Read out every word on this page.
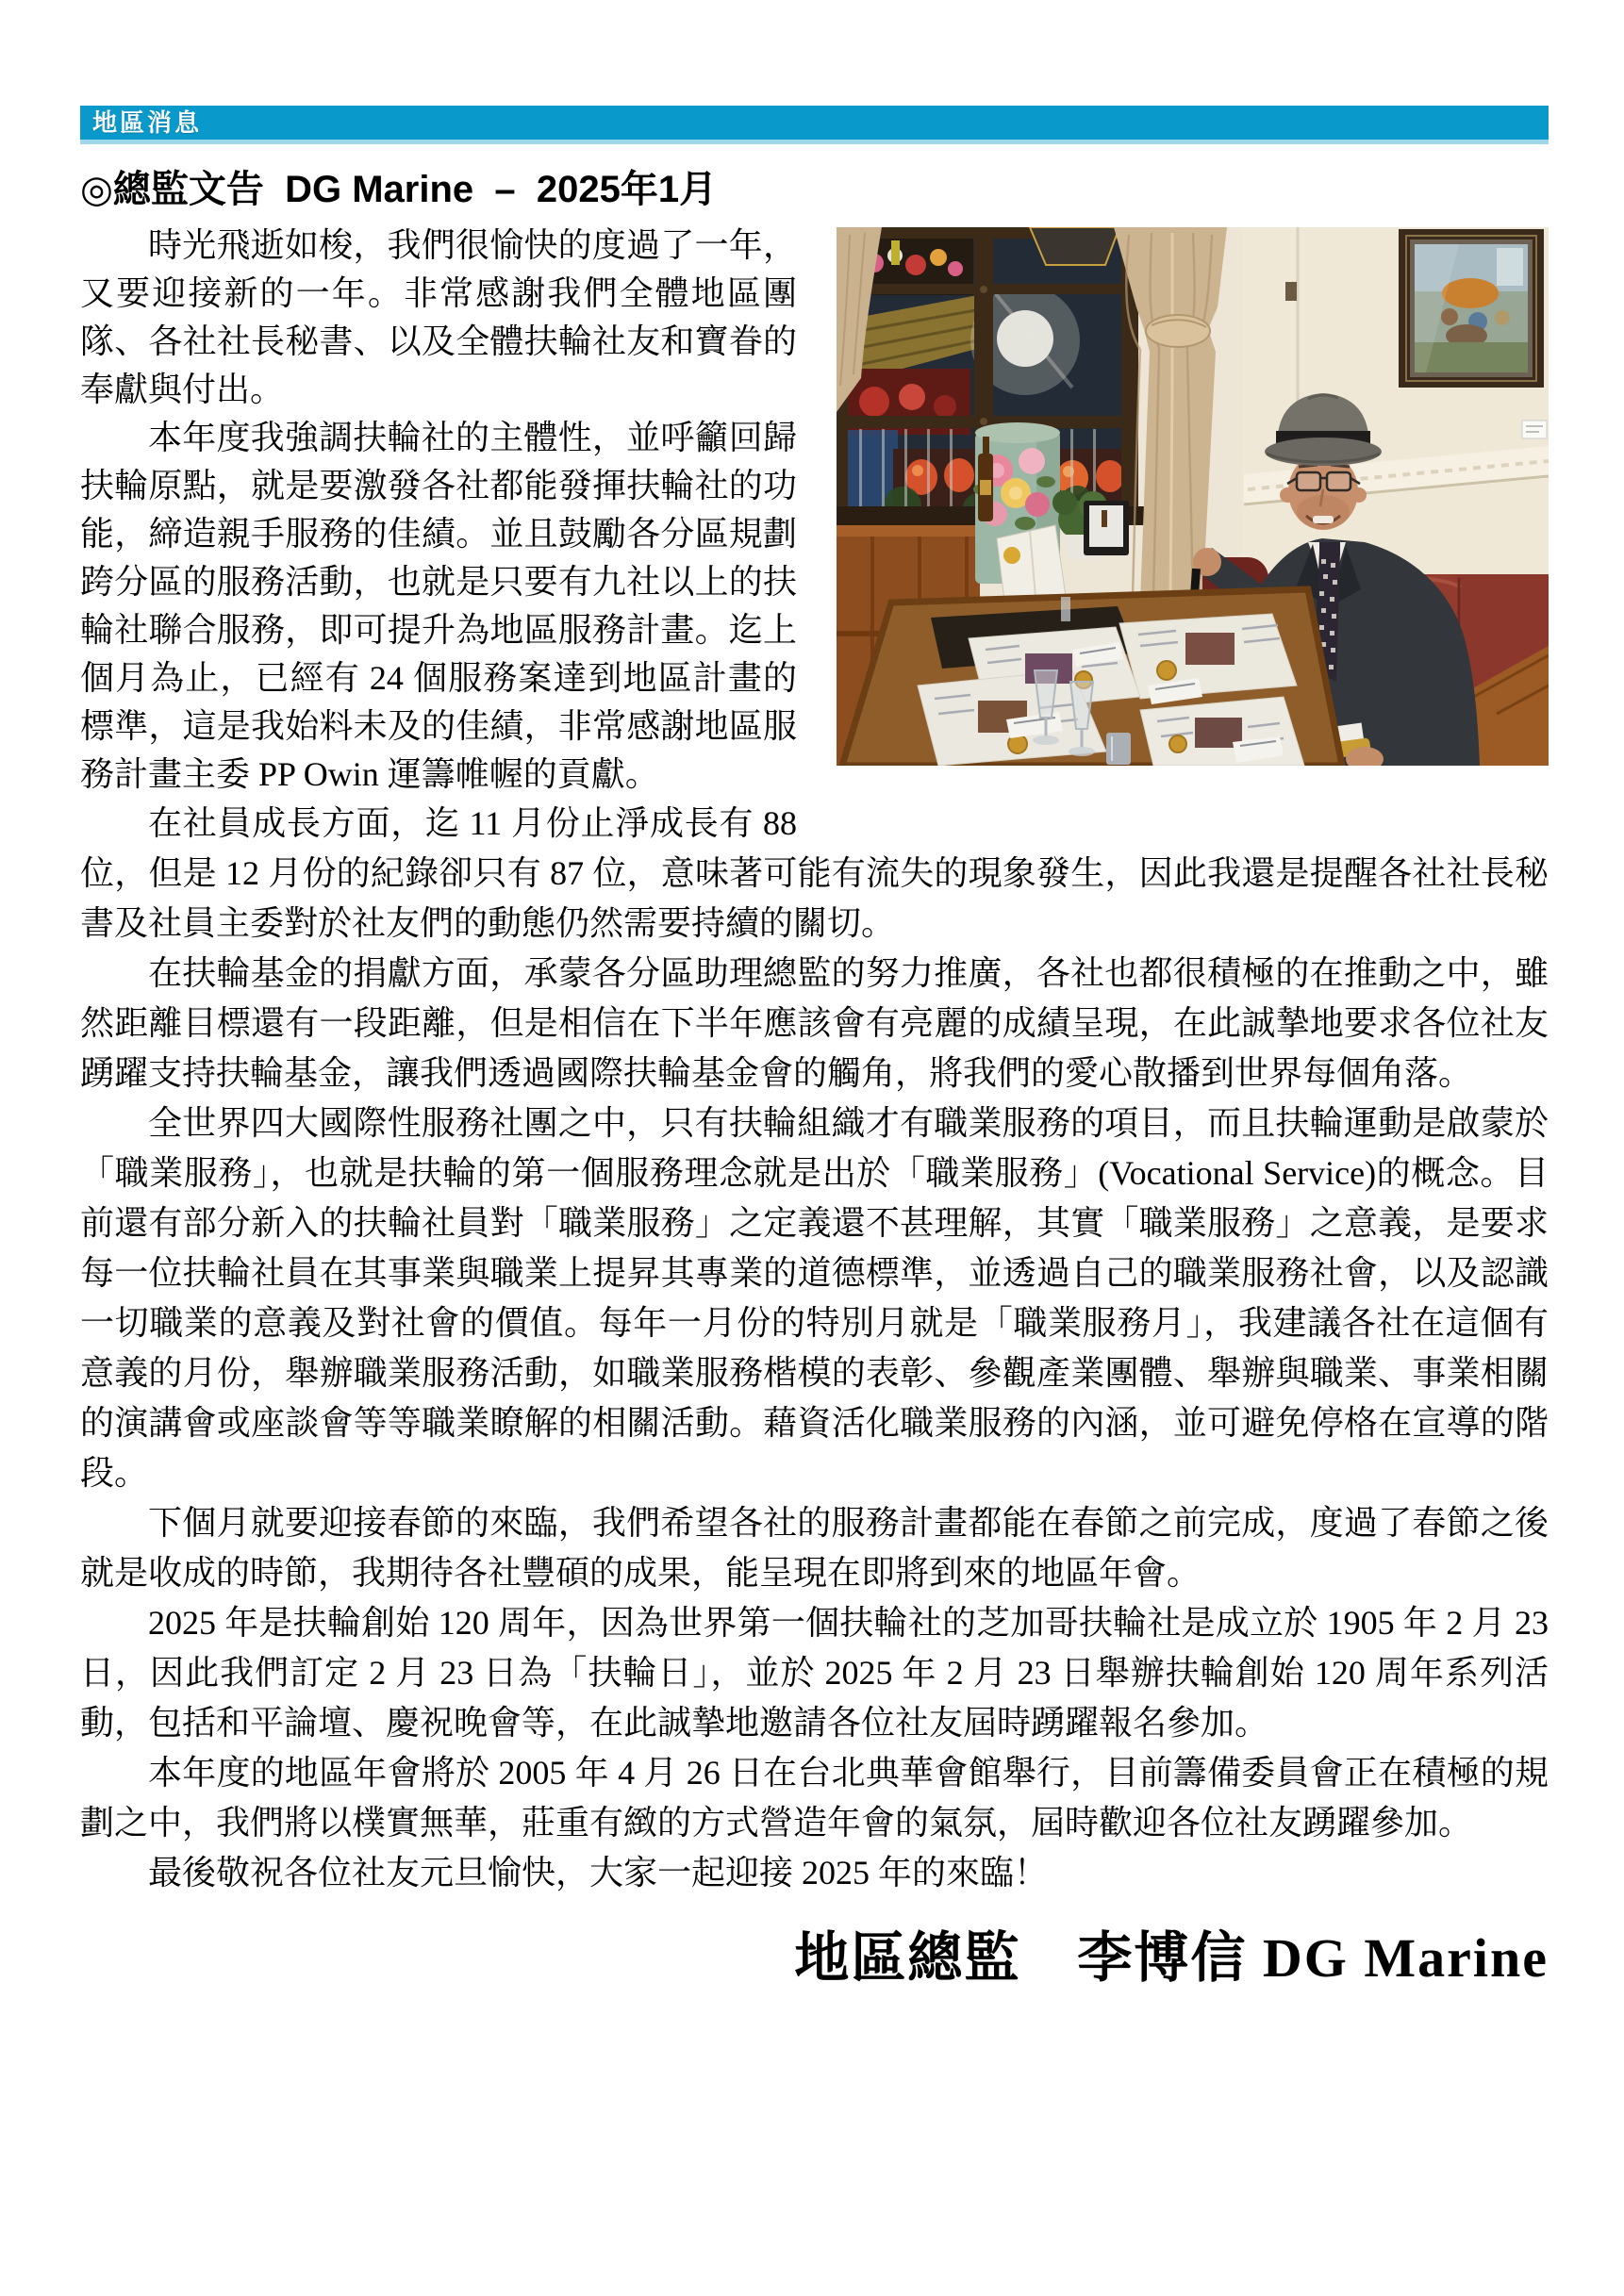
地區消息
◎總監文告  DG Marine  –  2025年1月

時光飛逝如梭，我們很愉快的度過了一年，又要迎接新的一年。非常感謝我們全體地區團隊、各社社長秘書、以及全體扶輪社友和寶眷的奉獻與付出。

本年度我強調扶輪社的主體性，並呼籲回歸扶輪原點，就是要激發各社都能發揮扶輪社的功能，締造親手服務的佳績。並且鼓勵各分區規劃跨分區的服務活動，也就是只要有九社以上的扶輪社聯合服務，即可提升為地區服務計畫。迄上個月為止，已經有 24 個服務案達到地區計畫的標準，這是我始料未及的佳績，非常感謝地區服務計畫主委 PP Owin 運籌帷幄的貢獻。

在社員成長方面，迄 11 月份止淨成長有 88 位，但是 12 月份的紀錄卻只有 87 位，意味著可能有流失的現象發生，因此我還是提醒各社社長秘書及社員主委對於社友們的動態仍然需要持續的關切。

在扶輪基金的捐獻方面，承蒙各分區助理總監的努力推廣，各社也都很積極的在推動之中，雖然距離目標還有一段距離，但是相信在下半年應該會有亮麗的成績呈現，在此誠摯地要求各位社友踴躍支持扶輪基金，讓我們透過國際扶輪基金會的觸角，將我們的愛心散播到世界每個角落。

全世界四大國際性服務社團之中，只有扶輪組織才有職業服務的項目，而且扶輪運動是啟蒙於「職業服務」，也就是扶輪的第一個服務理念就是出於「職業服務」(Vocational Service)的概念。目前還有部分新入的扶輪社員對「職業服務」之定義還不甚理解，其實「職業服務」之意義，是要求每一位扶輪社員在其事業與職業上提昇其專業的道德標準，並透過自己的職業服務社會，以及認識一切職業的意義及對社會的價值。每年一月份的特別月就是「職業服務月」，我建議各社在這個有意義的月份，舉辦職業服務活動，如職業服務楷模的表彰、參觀產業團體、舉辦與職業、事業相關的演講會或座談會等等職業瞭解的相關活動。藉資活化職業服務的內涵，並可避免停格在宣導的階段。

下個月就要迎接春節的來臨，我們希望各社的服務計畫都能在春節之前完成，度過了春節之後就是收成的時節，我期待各社豐碩的成果，能呈現在即將到來的地區年會。

2025 年是扶輪創始 120 周年，因為世界第一個扶輪社的芝加哥扶輪社是成立於 1905 年 2 月 23 日，因此我們訂定 2 月 23 日為「扶輪日」，並於 2025 年 2 月 23 日舉辦扶輪創始 120 周年系列活動，包括和平論壇、慶祝晚會等，在此誠摯地邀請各位社友屆時踴躍報名參加。

本年度的地區年會將於 2005 年 4 月 26 日在台北典華會館舉行，目前籌備委員會正在積極的規劃之中，我們將以樸實無華，莊重有緻的方式營造年會的氣氛，屆時歡迎各位社友踴躍參加。

最後敬祝各位社友元旦愉快，大家一起迎接 2025 年的來臨！

地區總監　李博信 DG Marine
